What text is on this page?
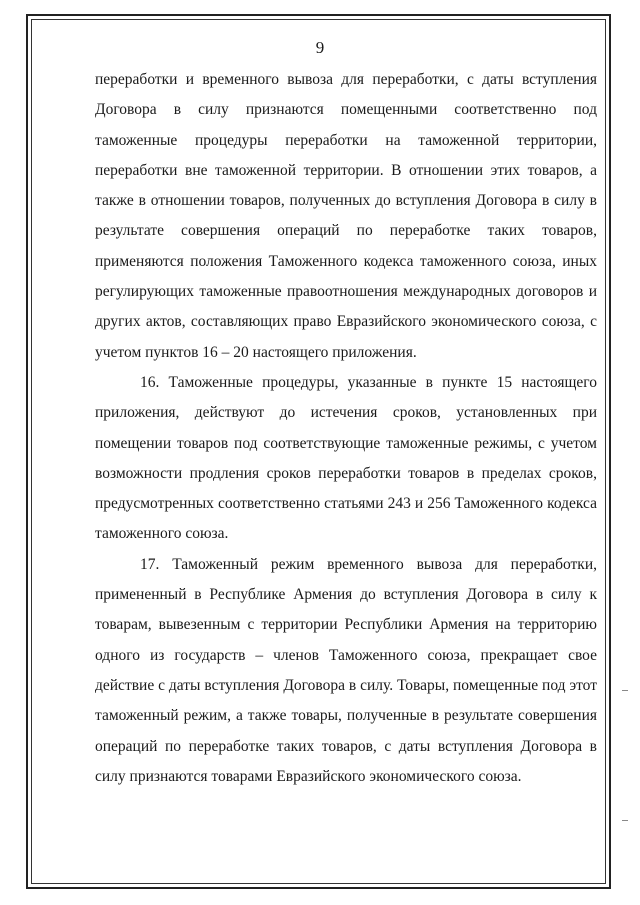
9

переработки и временного вывоза для переработки, с даты вступления Договора в силу признаются помещенными соответственно под таможенные процедуры переработки на таможенной территории, переработки вне таможенной территории. В отношении этих товаров, а также в отношении товаров, полученных до вступления Договора в силу в результате совершения операций по переработке таких товаров, применяются положения Таможенного кодекса таможенного союза, иных регулирующих таможенные правоотношения международных договоров и других актов, составляющих право Евразийского экономического союза, с учетом пунктов 16 – 20 настоящего приложения.

16. Таможенные процедуры, указанные в пункте 15 настоящего приложения, действуют до истечения сроков, установленных при помещении товаров под соответствующие таможенные режимы, с учетом возможности продления сроков переработки товаров в пределах сроков, предусмотренных соответственно статьями 243 и 256 Таможенного кодекса таможенного союза.

17. Таможенный режим временного вывоза для переработки, примененный в Республике Армения до вступления Договора в силу к товарам, вывезенным с территории Республики Армения на территорию одного из государств – членов Таможенного союза, прекращает свое действие с даты вступления Договора в силу. Товары, помещенные под этот таможенный режим, а также товары, полученные в результате совершения операций по переработке таких товаров, с даты вступления Договора в силу признаются товарами Евразийского экономического союза.
